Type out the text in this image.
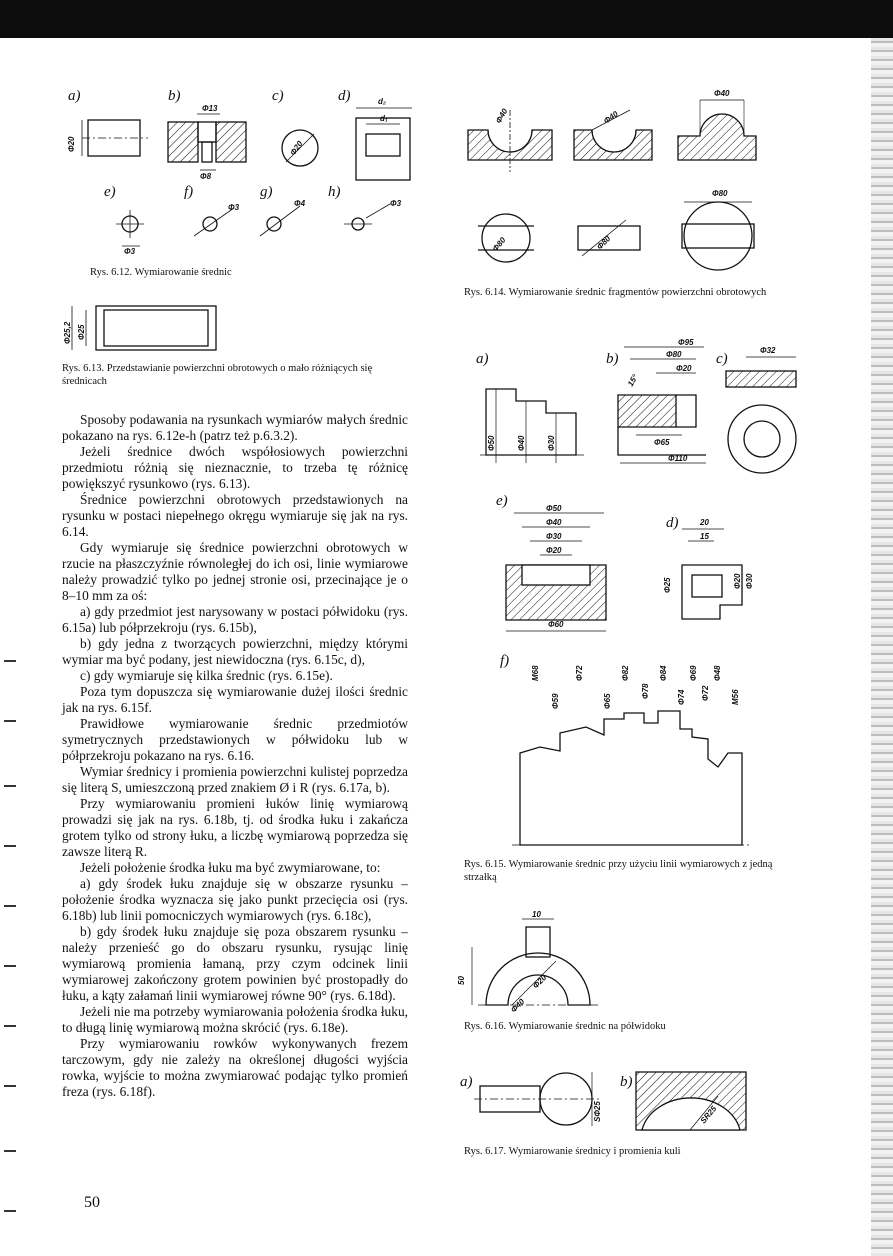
a)
Φ20
b)
Φ13
Φ8
c)
Φ20
d)	d₂
d₁
e)
Φ3
f)
Φ3
g)
Φ4
h)
Φ3
Rys. 6.12. Wymiarowanie średnic
Φ25,2 Φ25
Rys. 6.13. Przedstawianie powierzchni obrotowych o mało różniących się średnicach

Sposoby podawania na rysunkach wymiarów małych średnic pokazano na rys. 6.12e-h (patrz też p.6.3.2).

Jeżeli średnice dwóch współosiowych powierzchni przedmiotu różnią się nieznacznie, to trzeba tę różnicę powiększyć rysunkowo (rys. 6.13).

Średnice powierzchni obrotowych przedstawionych na rysunku w postaci niepełnego okręgu wymiaruje się jak na rys. 6.14.

Gdy wymiaruje się średnice powierzchni obrotowych w rzucie na płaszczyźnie równoległej do ich osi, linie wymiarowe należy prowadzić tylko po jednej stronie osi, przecinające je o 8–10 mm za oś:

a) gdy przedmiot jest narysowany w postaci półwidoku (rys. 6.15a) lub półprzekroju (rys. 6.15b),

b) gdy jedna z tworzących powierzchni, między którymi wymiar ma być podany, jest niewidoczna (rys. 6.15c, d),

c) gdy wymiaruje się kilka średnic (rys. 6.15e).

Poza tym dopuszcza się wymiarowanie dużej ilości średnic jak na rys. 6.15f.

Prawidłowe wymiarowanie średnic przedmiotów symetrycznych przedstawionych w półwidoku lub w półprzekroju pokazano na rys. 6.16.

Wymiar średnicy i promienia powierzchni kulistej poprzedza się literą S, umieszczoną przed znakiem Ø i R (rys. 6.17a, b).

Przy wymiarowaniu promieni łuków linię wymiarową prowadzi się jak na rys. 6.18b, tj. od środka łuku i zakańcza grotem tylko od strony łuku, a liczbę wymiarową poprzedza się zawsze literą R.

Jeżeli położenie środka łuku ma być zwymiarowane, to:

a) gdy środek łuku znajduje się w obszarze rysunku – położenie środka wyznacza się jako punkt przecięcia osi (rys. 6.18b) lub linii pomocniczych wymiarowych (rys. 6.18c),

b) gdy środek łuku znajduje się poza obszarem rysunku – należy przenieść go do obszaru rysunku, rysując linię wymiarową promienia łamaną, przy czym odcinek linii wymiarowej zakończony grotem powinien być prostopadły do łuku, a kąty załamań linii wymiarowej równe 90° (rys. 6.18d).

Jeżeli nie ma potrzeby wymiarowania położenia środka łuku, to długą linię wymiarową można skrócić (rys. 6.18e).

Przy wymiarowaniu rowków wykonywanych frezem tarczowym, gdy nie zależy na określonej długości wyjścia rowka, wyjście to można zwymiarować podając tylko promień freza (rys. 6.18f).

50
Φ40	Φ40
Φ40
Φ80	Φ80
Φ80
Rys. 6.14. Wymiarowanie średnic fragmentów powierzchni obrotowych
a)
Φ50	Φ40	Φ30
b)
Φ95
Φ80
Φ20
15°
Φ65
Φ110
c)
Φ32
e)	Φ50
Φ40
Φ30
Φ20
Φ60
d)	20
15
Φ25	Φ20 Φ30
f)
M68
Φ59
Φ72
Φ65
Φ82
Φ78
Φ84
Φ74
Φ69
Φ72
Φ48
M56
Rys. 6.15. Wymiarowanie średnic przy użyciu linii wymiarowych z jedną strzałką
10
50	Φ20
Φ40
Rys. 6.16. Wymiarowanie średnic na półwidoku
a)	b)
SΦ25	SR25
Rys. 6.17. Wymiarowanie średnicy i promienia kuli
